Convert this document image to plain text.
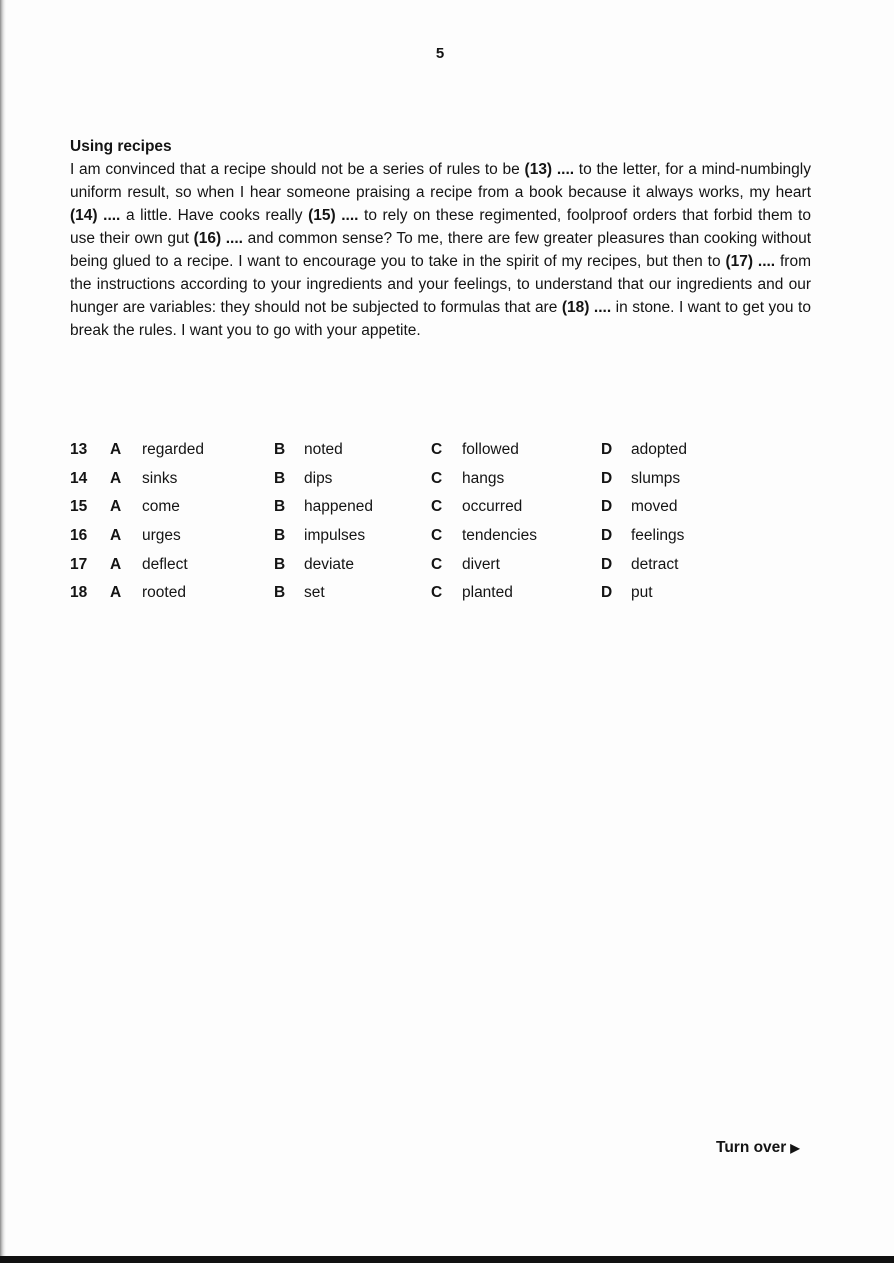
5

Using recipes

I am convinced that a recipe should not be a series of rules to be (13) .... to the letter, for a mind-numbingly uniform result, so when I hear someone praising a recipe from a book because it always works, my heart (14) .... a little. Have cooks really (15) .... to rely on these regimented, foolproof orders that forbid them to use their own gut (16) .... and common sense? To me, there are few greater pleasures than cooking without being glued to a recipe. I want to encourage you to take in the spirit of my recipes, but then to (17) .... from the instructions according to your ingredients and your feelings, to understand that our ingredients and our hunger are variables: they should not be subjected to formulas that are (18) .... in stone. I want to get you to break the rules. I want you to go with your appetite.

13	A	regarded	B	noted	C	followed	D	adopted
14	A	sinks	B	dips	C	hangs	D	slumps
15	A	come	B	happened	C	occurred	D	moved
16	A	urges	B	impulses	C	tendencies	D	feelings
17	A	deflect	B	deviate	C	divert	D	detract
18	A	rooted	B	set	C	planted	D	put
Turn over ▶
